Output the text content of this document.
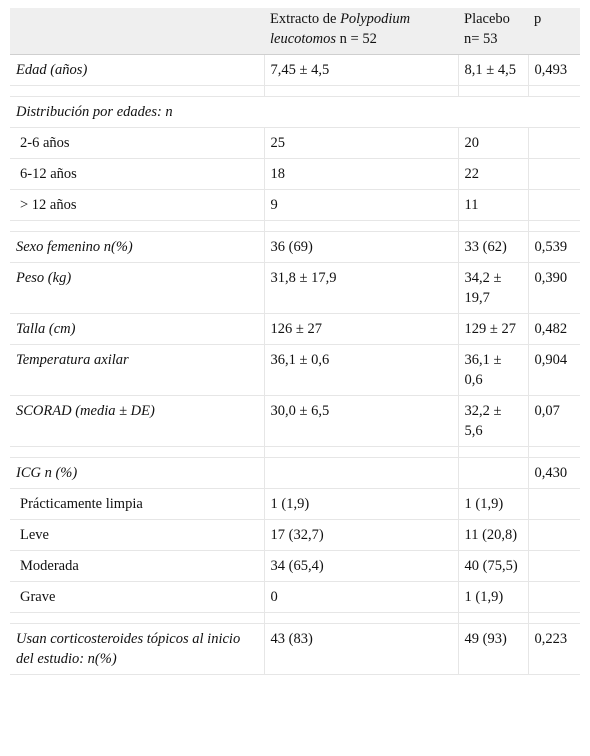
	Extracto de Polypodium leucotomos n = 52	Placebo n= 53	p
Edad (años)	7,45 ± 4,5	8,1 ± 4,5	0,493

Distribución por edades: n			
2-6 años	25	20	
6-12 años	18	22	
> 12 años	9	11	

Sexo femenino n(%)	36 (69)	33 (62)	0,539
Peso (kg)	31,8 ± 17,9	34,2 ± 19,7	0,390
Talla (cm)	126 ± 27	129 ± 27	0,482
Temperatura axilar	36,1 ± 0,6	36,1 ± 0,6	0,904
SCORAD (media ± DE)	30,0 ± 6,5	32,2 ± 5,6	0,07

ICG n (%)			0,430
Prácticamente limpia	1 (1,9)	1 (1,9)	
Leve	17 (32,7)	11 (20,8)	
Moderada	34 (65,4)	40 (75,5)	
Grave	0	1 (1,9)	

Usan corticosteroides tópicos al inicio del estudio: n(%)	43 (83)	49 (93)	0,223
